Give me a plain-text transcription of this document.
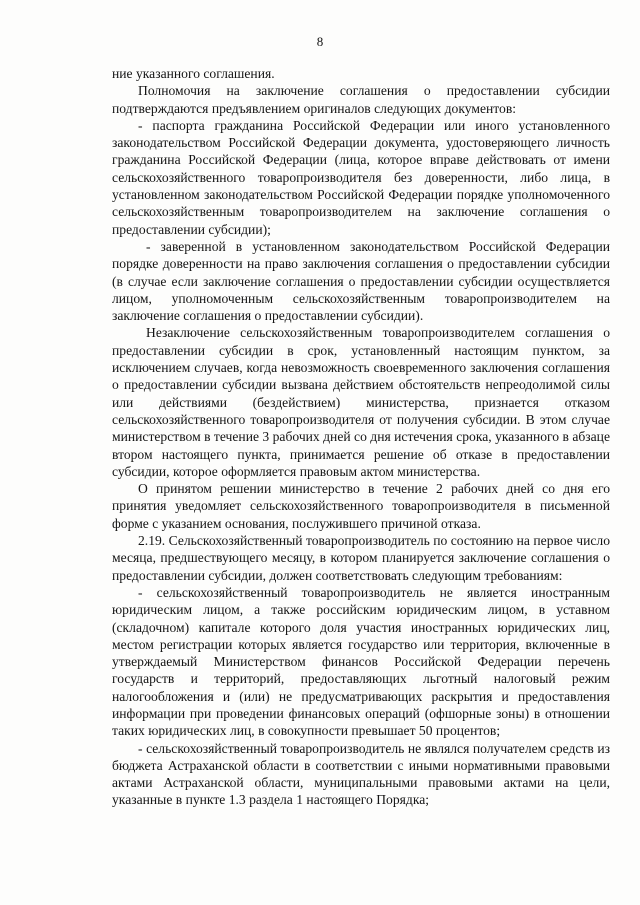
8

ние указанного соглашения.

Полномочия на заключение соглашения о предоставлении субсидии подтверждаются предъявлением оригиналов следующих документов:

- паспорта гражданина Российской Федерации или иного установленного законодательством Российской Федерации документа, удостоверяющего личность гражданина Российской Федерации (лица, которое вправе действовать от имени сельскохозяйственного товаропроизводителя без доверенности, либо лица, в установленном законодательством Российской Федерации порядке уполномоченного сельскохозяйственным товаропроизводителем на заключение соглашения о предоставлении субсидии);

- заверенной в установленном законодательством Российской Федерации порядке доверенности на право заключения соглашения о предоставлении субсидии (в случае если заключение соглашения о предоставлении субсидии осуществляется лицом, уполномоченным сельскохозяйственным товаропроизводителем на заключение соглашения о предоставлении субсидии).

Незаключение сельскохозяйственным товаропроизводителем соглашения о предоставлении субсидии в срок, установленный настоящим пунктом, за исключением случаев, когда невозможность своевременного заключения соглашения о предоставлении субсидии вызвана действием обстоятельств непреодолимой силы или действиями (бездействием) министерства, признается отказом сельскохозяйственного товаропроизводителя от получения субсидии. В этом случае министерством в течение 3 рабочих дней со дня истечения срока, указанного в абзаце втором настоящего пункта, принимается решение об отказе в предоставлении субсидии, которое оформляется правовым актом министерства.

О принятом решении министерство в течение 2 рабочих дней со дня его принятия уведомляет сельскохозяйственного товаропроизводителя в письменной форме с указанием основания, послужившего причиной отказа.

2.19. Сельскохозяйственный товаропроизводитель по состоянию на первое число месяца, предшествующего месяцу, в котором планируется заключение соглашения о предоставлении субсидии, должен соответствовать следующим требованиям:

- сельскохозяйственный товаропроизводитель не является иностранным юридическим лицом, а также российским юридическим лицом, в уставном (складочном) капитале которого доля участия иностранных юридических лиц, местом регистрации которых является государство или территория, включенные в утверждаемый Министерством финансов Российской Федерации перечень государств и территорий, предоставляющих льготный налоговый режим налогообложения и (или) не предусматривающих раскрытия и предоставления информации при проведении финансовых операций (офшорные зоны) в отношении таких юридических лиц, в совокупности превышает 50 процентов;

- сельскохозяйственный товаропроизводитель не являлся получателем средств из бюджета Астраханской области в соответствии с иными нормативными правовыми актами Астраханской области, муниципальными правовыми актами на цели, указанные в пункте 1.3 раздела 1 настоящего Порядка;
